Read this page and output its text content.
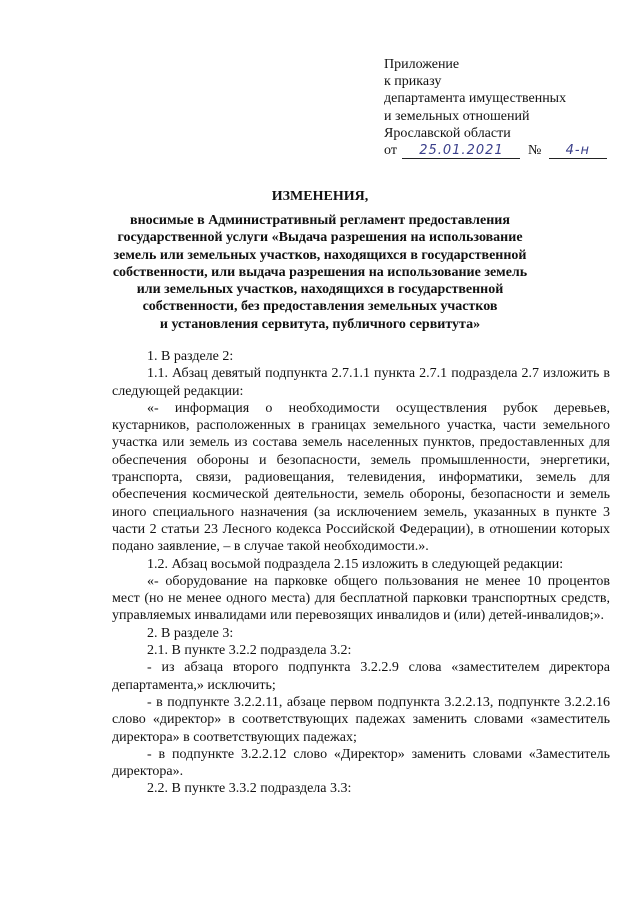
Приложение
к приказу
департамента имущественных
и земельных отношений
Ярославской области
от 25.01.2021 № 4-н
ИЗМЕНЕНИЯ,
вносимые в Административный регламент предоставления
государственной услуги «Выдача разрешения на использование
земель или земельных участков, находящихся в государственной
собственности, или выдача разрешения на использование земель
или земельных участков, находящихся в государственной
собственности, без предоставления земельных участков
и установления сервитута, публичного сервитута»

1. В разделе 2:

1.1. Абзац девятый подпункта 2.7.1.1 пункта 2.7.1 подраздела 2.7 изложить в следующей редакции:

«- информация о необходимости осуществления рубок деревьев, кустарников, расположенных в границах земельного участка, части земельного участка или земель из состава земель населенных пунктов, предоставленных для обеспечения обороны и безопасности, земель промышленности, энергетики, транспорта, связи, радиовещания, телевидения, информатики, земель для обеспечения космической деятельности, земель обороны, безопасности и земель иного специального назначения (за исключением земель, указанных в пункте 3 части 2 статьи 23 Лесного кодекса Российской Федерации), в отношении которых подано заявление, – в случае такой необходимости.».

1.2. Абзац восьмой подраздела 2.15 изложить в следующей редакции:

«- оборудование на парковке общего пользования не менее 10 процентов мест (но не менее одного места) для бесплатной парковки транспортных средств, управляемых инвалидами или перевозящих инвалидов и (или) детей-инвалидов;».

2. В разделе 3:

2.1. В пункте 3.2.2 подраздела 3.2:

- из абзаца второго подпункта 3.2.2.9 слова «заместителем директора департамента,» исключить;

- в подпункте 3.2.2.11, абзаце первом подпункта 3.2.2.13, подпункте 3.2.2.16 слово «директор» в соответствующих падежах заменить словами «заместитель директора» в соответствующих падежах;

- в подпункте 3.2.2.12 слово «Директор» заменить словами «Заместитель директора».

2.2. В пункте 3.3.2 подраздела 3.3:
